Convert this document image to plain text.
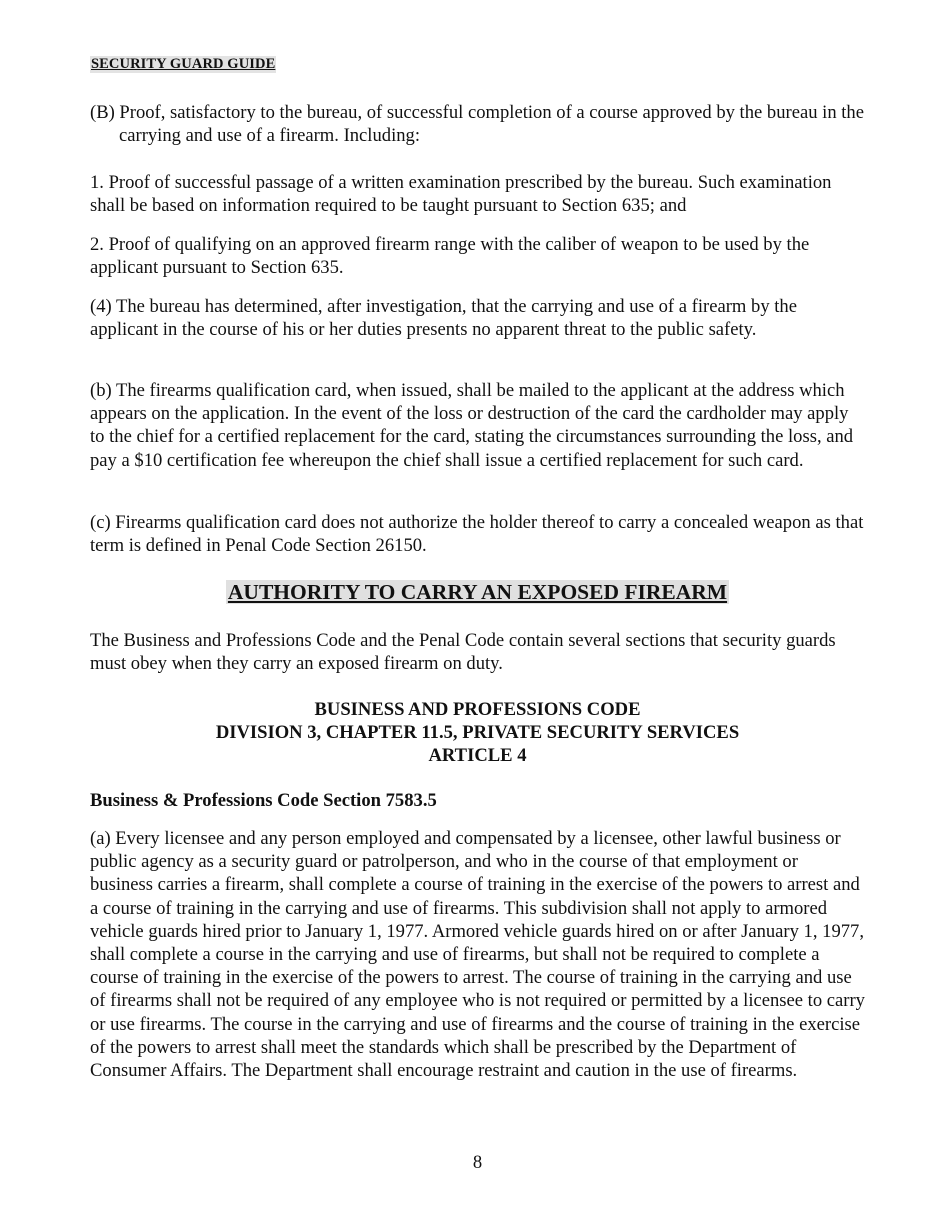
SECURITY GUARD GUIDE

(B) Proof, satisfactory to the bureau, of successful completion of a course approved by the bureau in the carrying and use of a firearm. Including:

1. Proof of successful passage of a written examination prescribed by the bureau. Such examination shall be based on information required to be taught pursuant to Section 635; and

2. Proof of qualifying on an approved firearm range with the caliber of weapon to be used by the applicant pursuant to Section 635.

(4) The bureau has determined, after investigation, that the carrying and use of a firearm by the applicant in the course of his or her duties presents no apparent threat to the public safety.

(b) The firearms qualification card, when issued, shall be mailed to the applicant at the address which appears on the application. In the event of the loss or destruction of the card the cardholder may apply to the chief for a certified replacement for the card, stating the circumstances surrounding the loss, and pay a $10 certification fee whereupon the chief shall issue a certified replacement for such card.

(c) Firearms qualification card does not authorize the holder thereof to carry a concealed weapon as that term is defined in Penal Code Section 26150.

AUTHORITY TO CARRY AN EXPOSED FIREARM

The Business and Professions Code and the Penal Code contain several sections that security guards must obey when they carry an exposed firearm on duty.

BUSINESS AND PROFESSIONS CODE
DIVISION 3, CHAPTER 11.5, PRIVATE SECURITY SERVICES
ARTICLE 4
Business & Professions Code Section 7583.5

(a) Every licensee and any person employed and compensated by a licensee, other lawful business or public agency as a security guard or patrolperson, and who in the course of that employment or business carries a firearm, shall complete a course of training in the exercise of the powers to arrest and a course of training in the carrying and use of firearms. This subdivision shall not apply to armored vehicle guards hired prior to January 1, 1977. Armored vehicle guards hired on or after January 1, 1977, shall complete a course in the carrying and use of firearms, but shall not be required to complete a course of training in the exercise of the powers to arrest. The course of training in the carrying and use of firearms shall not be required of any employee who is not required or permitted by a licensee to carry or use firearms. The course in the carrying and use of firearms and the course of training in the exercise of the powers to arrest shall meet the standards which shall be prescribed by the Department of Consumer Affairs. The Department shall encourage restraint and caution in the use of firearms.

8
